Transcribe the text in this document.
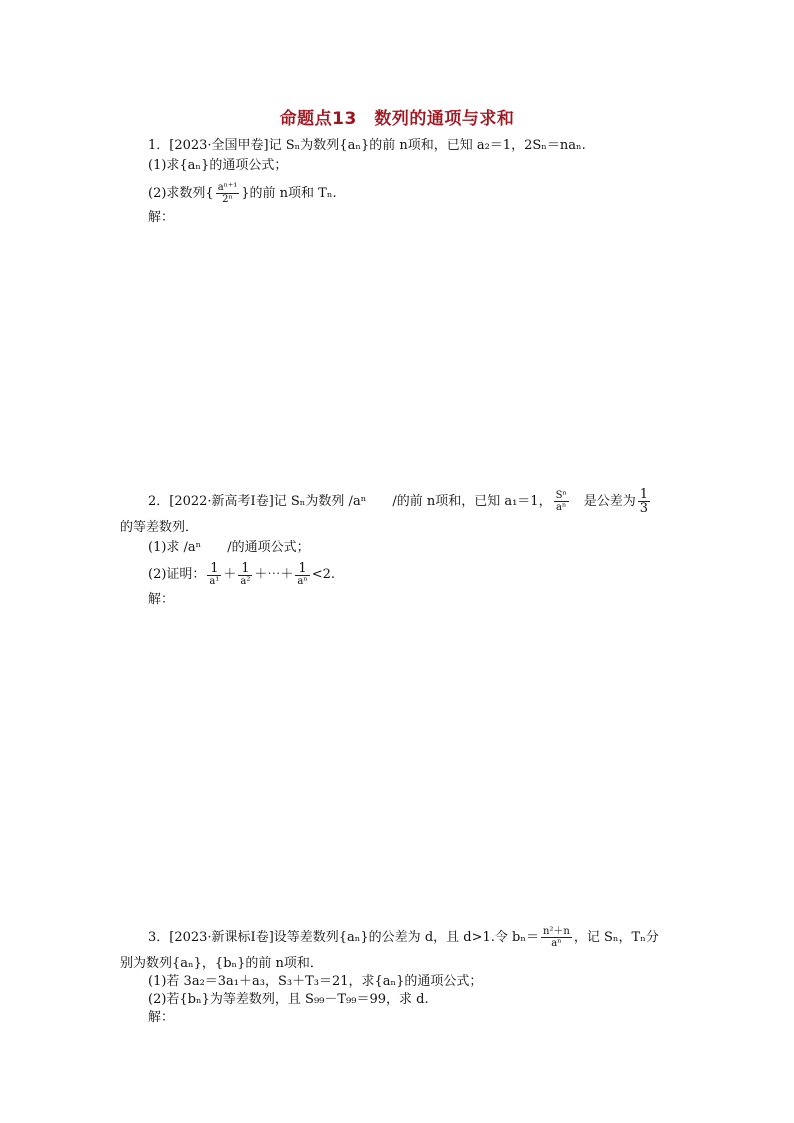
命题点13　数列的通项与求和
1．[2023·全国甲卷]记 Sₙ为数列{aₙ}的前 n项和，已知 a₂＝1，2Sₙ＝naₙ.
(1)求{aₙ}的通项公式；
(2)求数列{ $\frac{\text{aⁿ⁺¹}}{\text{2ⁿ}}$ }的前 n项和 Tₙ.
解：
2．[2022·新高考Ⅰ卷]记 Sₙ为数列 /aⁿ　　/的前 n项和，已知 a₁＝1， $\frac{\text{Sⁿ}}{\text{aⁿ}}$
　 是公差为 $\frac{1}{3}$
的等差数列．
(1)求 /aⁿ　　/的通项公式；
(2)证明： $\frac{1}{\text{a¹}} + \frac{1}{\text{a²}}$ ＋⋯＋ $\frac{1}{\text{aⁿ}} <2$.
解：
3．[2023·新课标Ⅰ卷]设等差数列{aₙ}的公差为 d，且 d>1.令 $b_n= \frac{\text{n²＋n}}{\text{aⁿ}}$ ，记 Sₙ，Tₙ分
别为数列{aₙ}，{bₙ}的前 n项和．
(1)若 3a₂＝3a₁＋a₃，S₃＋T₃＝21，求{aₙ}的通项公式；
(2)若{bₙ}为等差数列，且 S₉₉－T₉₉＝99，求 d.
解：
